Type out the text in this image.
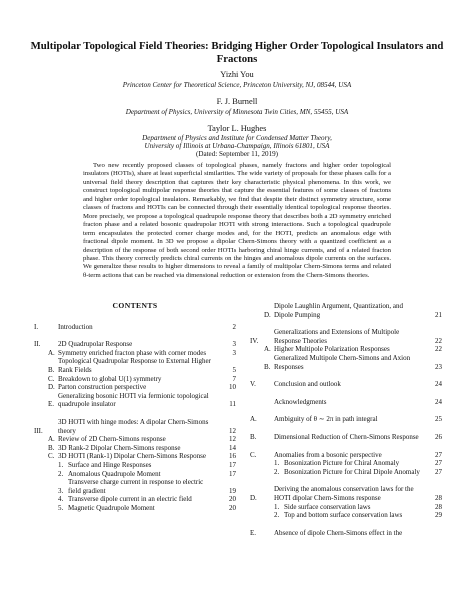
Multipolar Topological Field Theories: Bridging Higher Order Topological Insulators and Fractons
Yizhi You
Princeton Center for Theoretical Science, Princeton University, NJ, 08544, USA
F. J. Burnell
Department of Physics, University of Minnesota Twin Cities, MN, 55455, USA
Taylor L. Hughes
Department of Physics and Institute for Condensed Matter Theory,
University of Illinois at Urbana-Champaign, Illinois 61801, USA
(Dated: September 11, 2019)
Two new recently proposed classes of topological phases, namely fractons and higher order topological insulators (HOTIs), share at least superficial similarities. The wide variety of proposals for these phases calls for a universal field theory description that captures their key characteristic physical phenomena. In this work, we construct topological multipolar response theories that capture the essential features of some classes of fractons and higher order topological insulators. Remarkably, we find that despite their distinct symmetry structure, some classes of fractons and HOTIs can be connected through their essentially identical topological response theories. More precisely, we propose a topological quadrupole response theory that describes both a 2D symmetry enriched fracton phase and a related bosonic quadrupolar HOTI with strong interactions. Such a topological quadrupole term encapsulates the protected corner charge modes and, for the HOTI, predicts an anomalous edge with fractional dipole moment. In 3D we propose a dipolar Chern-Simons theory with a quantized coefficient as a description of the response of both second order HOTIs harboring chiral hinge currents, and of a related fracton phase. This theory correctly predicts chiral currents on the hinges and anomalous dipole currents on the surfaces. We generalize these results to higher dimensions to reveal a family of multipolar Chern-Simons terms and related θ-term actions that can be reached via dimensional reduction or extension from the Chern-Simons theories.
CONTENTS
I.	Introduction	2
II.	2D Quadrupolar Response	3
A. Symmetry enriched fracton phase with corner modes	3
B.
Topological Quadrupolar Response to External Higher Rank Fields	5
C. Breakdown to global U(1) symmetry	7
D. Parton construction perspective	10
E.
Generalizing bosonic HOTI via fermionic topological quadrupole insulator	11
III.
3D HOTI with hinge modes: A dipolar Chern-Simons theory	12
A. Review of 2D Chern-Simons response	12
B. 3D Rank-2 Dipolar Chern-Simons response	14
C. 3D HOTI (Rank-1) Dipolar Chern-Simons Response	16
1. Surface and Hinge Responses	17
2. Anomalous Quadrupole Moment	17
3.
Transverse charge current in response to electric field gradient	19
4. Transverse dipole current in an electric field	20
5. Magnetic Quadrupole Moment	20
D.
Dipole Laughlin Argument, Quantization, and Dipole Pumping	21
IV.
Generalizations and Extensions of Multipole Response Theories	22
A. Higher Multipole Polarization Responses	22
B.
Generalized Multipole Chern-Simons and Axion Responses	23
V.	Conclusion and outlook	24
Acknowledgments	24
A.	Ambiguity of θ ∼ 2π in path integral	25
B.	Dimensional Reduction of Chern-Simons Response	26
C.	Anomalies from a bosonic perspective	27
1. Bosonization Picture for Chiral Anomaly	27
2. Bosonization Picture for Chiral Dipole Anomaly	27
D.
Deriving the anomalous conservation laws for the HOTI dipolar Chern-Simons response	28
1. Side surface conservation laws	28
2. Top and bottom surface conservation laws	29
E.	Absence of dipole Chern-Simons effect in the
